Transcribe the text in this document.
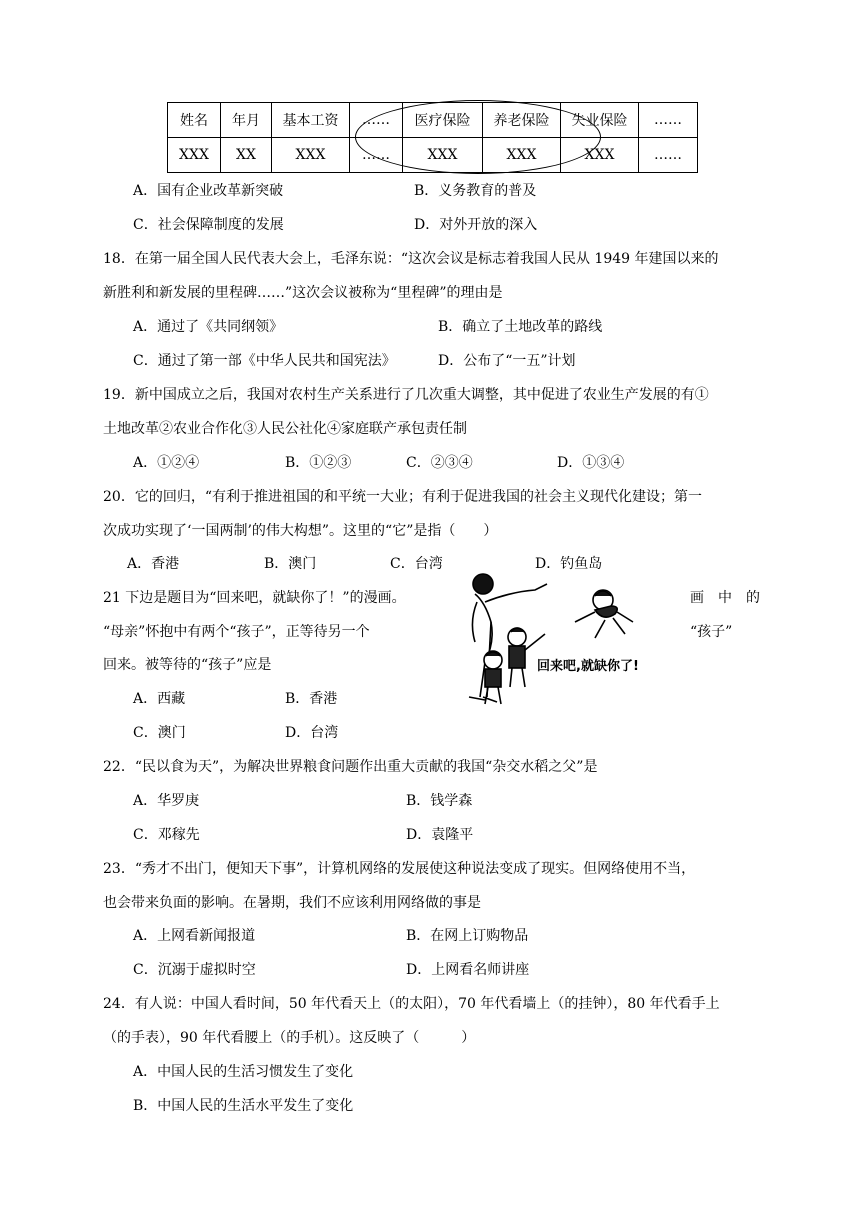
姓名	年月	基本工资	……	医疗保险	养老保险	失业保险	……
XXX	XX	XXX	……	XXX	XXX	XXX	……
A．国有企业改革新突破	B．义务教育的普及
C．社会保障制度的发展	D．对外开放的深入
18．在第一届全国人民代表大会上，毛泽东说：“这次会议是标志着我国人民从 1949 年建国以来的
新胜利和新发展的里程碑……”这次会议被称为“里程碑”的理由是
A．通过了《共同纲领》	B．确立了土地改革的路线
C．通过了第一部《中华人民共和国宪法》	D．公布了“一五”计划
19．新中国成立之后，我国对农村生产关系进行了几次重大调整，其中促进了农业生产发展的有①
土地改革②农业合作化③人民公社化④家庭联产承包责任制
A．①②④	B．①②③	C．②③④	D．①③④
20．它的回归，“有利于推进祖国的和平统一大业；有利于促进我国的社会主义现代化建设；第一
次成功实现了‘一国两制’的伟大构想”。这里的“它”是指（　　）
A．香港	B．澳门	C．台湾	D．钓鱼岛
21 下边是题目为“回来吧，就缺你了！”的漫画。	画　中　的
“母亲”怀抱中有两个“孩子”，正等待另一个	“孩子”
回来。被等待的“孩子”应是
A．西藏	B．香港
C．澳门	D．台湾
回来吧,就缺你了!
22．“民以食为天”，为解决世界粮食问题作出重大贡献的我国“杂交水稻之父”是
A．华罗庚	B．钱学森
C．邓稼先	D．袁隆平
23．“秀才不出门，便知天下事”，计算机网络的发展使这种说法变成了现实。但网络使用不当，
也会带来负面的影响。在暑期，我们不应该利用网络做的事是
A．上网看新闻报道	B．在网上订购物品
C．沉溺于虚拟时空	D．上网看名师讲座
24．有人说：中国人看时间，50 年代看天上（的太阳），70 年代看墙上（的挂钟），80 年代看手上
（的手表），90 年代看腰上（的手机）。这反映了（　　　）
A．中国人民的生活习惯发生了变化
B．中国人民的生活水平发生了变化
